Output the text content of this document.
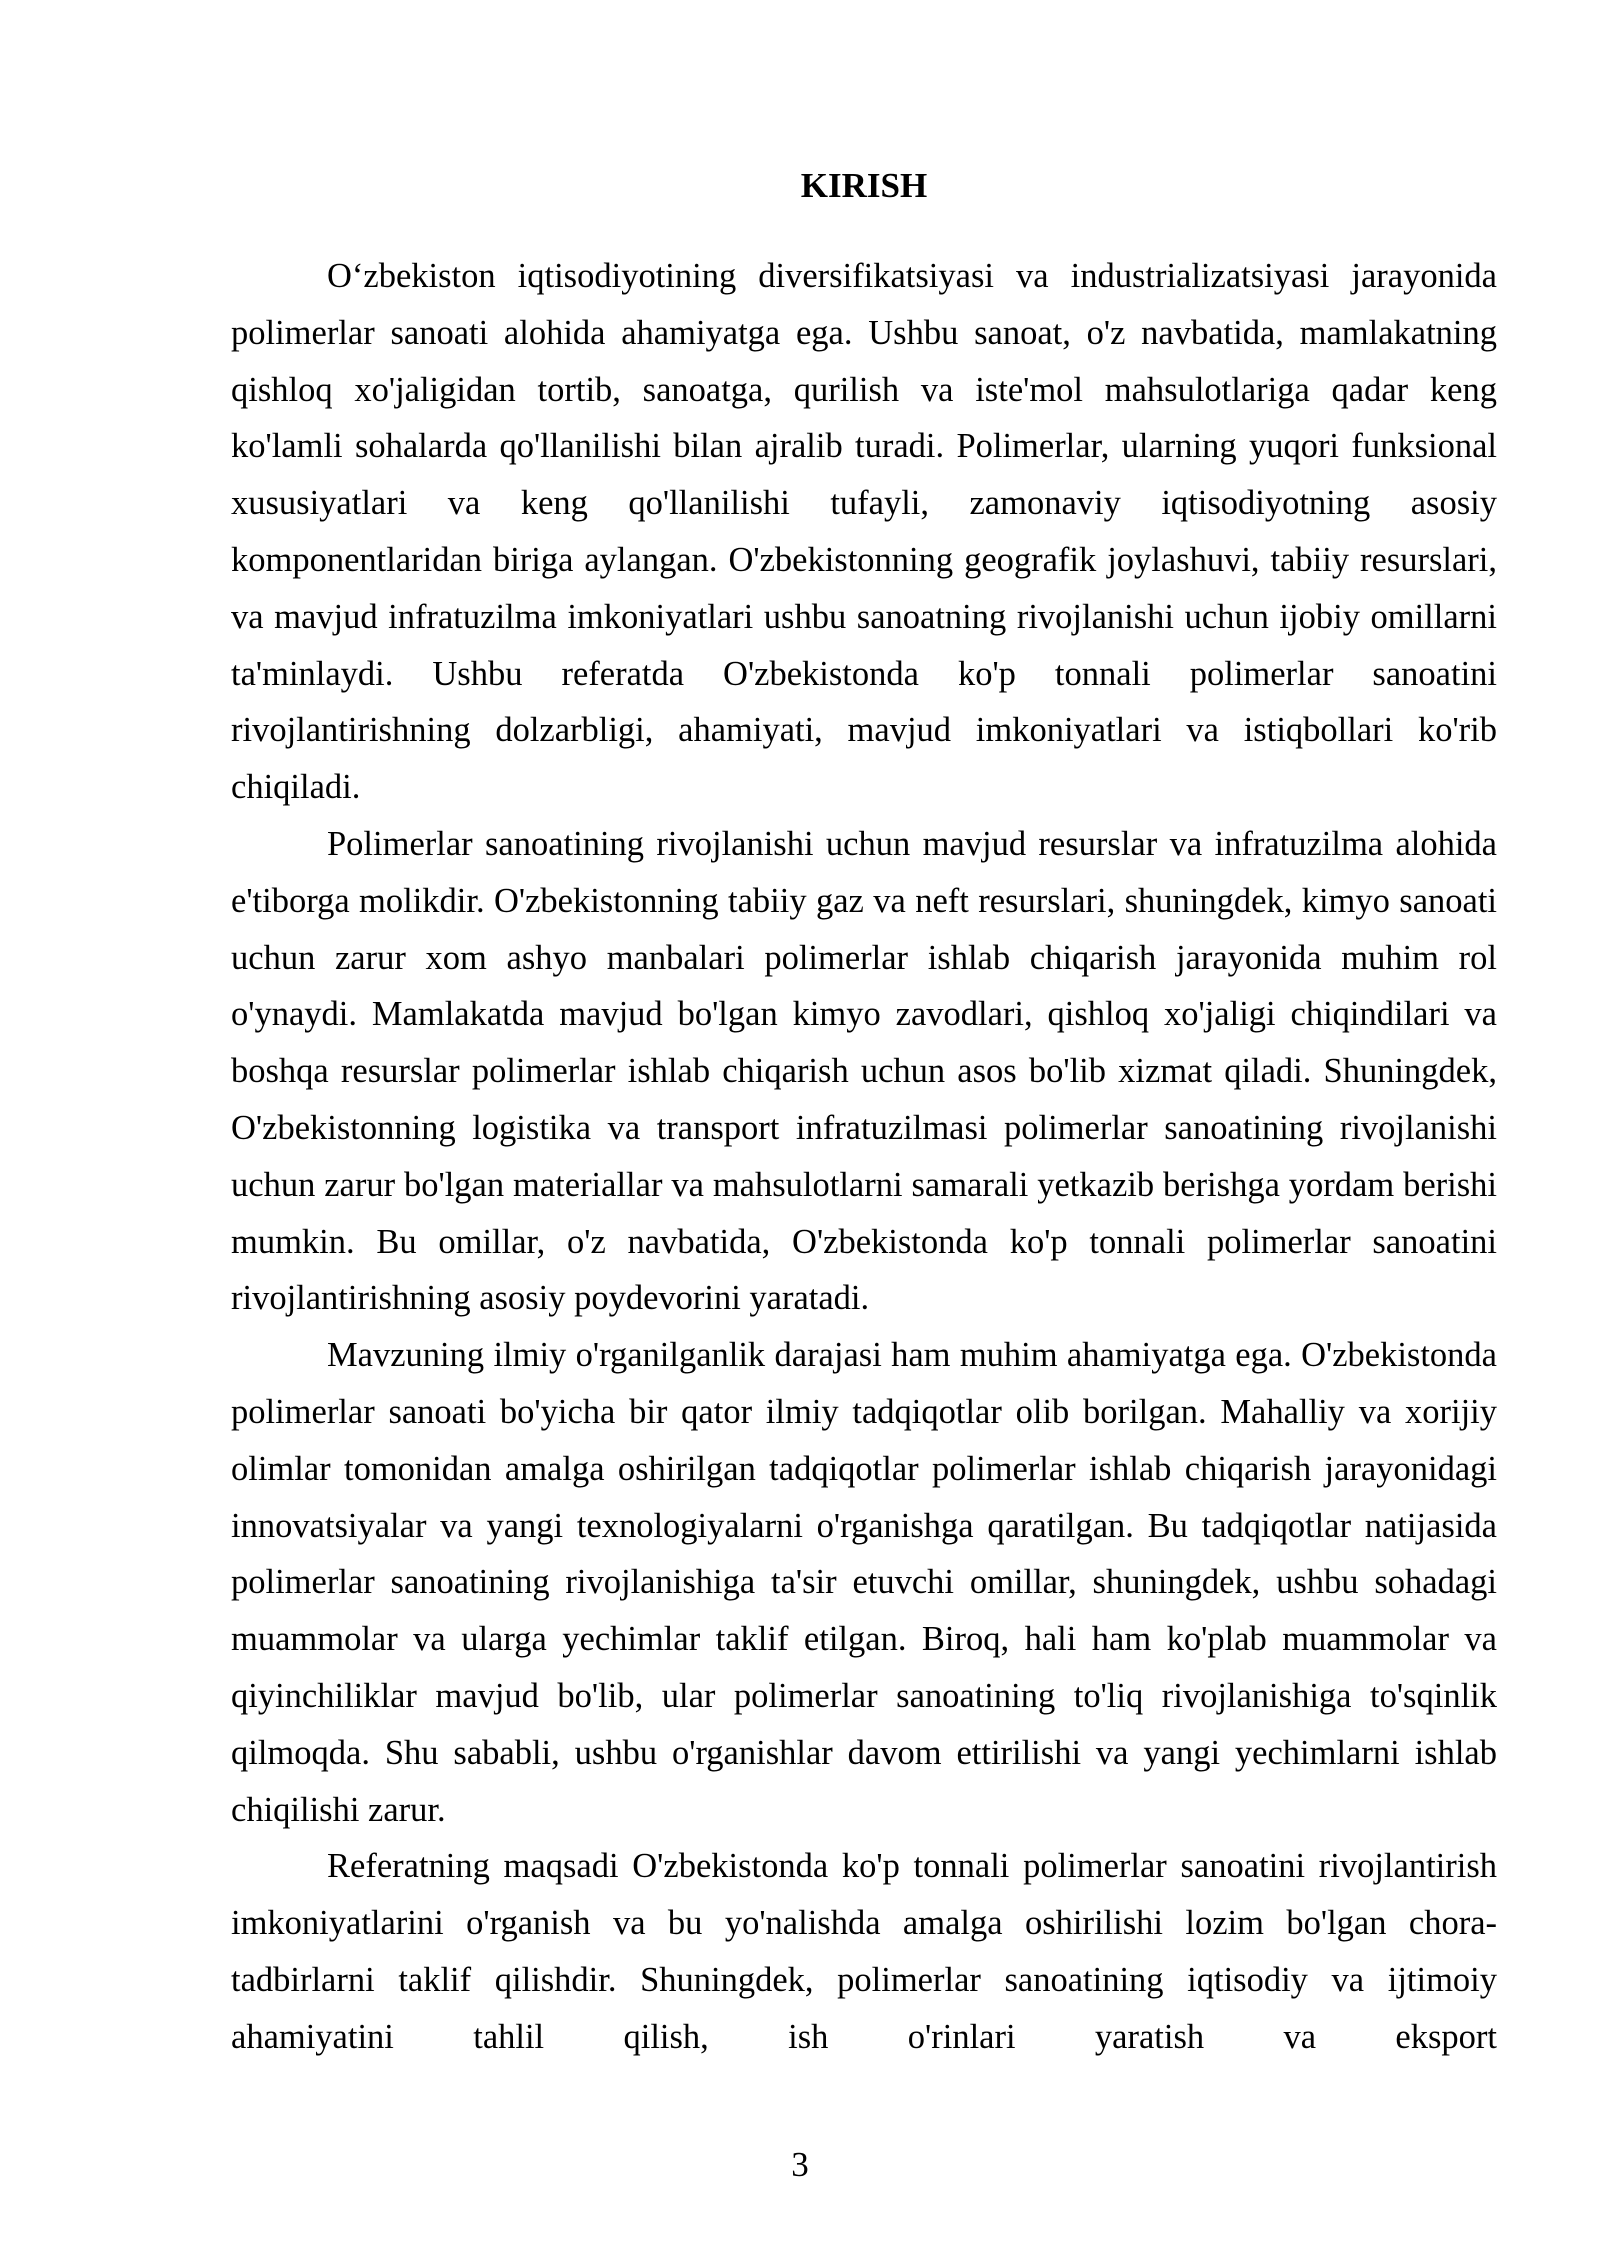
KIRISH

O‘zbekiston iqtisodiyotining diversifikatsiyasi va industrializatsiyasi jarayonida polimerlar sanoati alohida ahamiyatga ega. Ushbu sanoat, o'z navbatida, mamlakatning qishloq xo'jaligidan tortib, sanoatga, qurilish va iste'mol mahsulotlariga qadar keng ko'lamli sohalarda qo'llanilishi bilan ajralib turadi. Polimerlar, ularning yuqori funksional xususiyatlari va keng qo'llanilishi tufayli, zamonaviy iqtisodiyotning asosiy komponentlaridan biriga aylangan. O'zbekistonning geografik joylashuvi, tabiiy resurslari, va mavjud infratuzilma imkoniyatlari ushbu sanoatning rivojlanishi uchun ijobiy omillarni ta'minlaydi. Ushbu referatda O'zbekistonda ko'p tonnali polimerlar sanoatini rivojlantirishning dolzarbligi, ahamiyati, mavjud imkoniyatlari va istiqbollari ko'rib chiqiladi.

Polimerlar sanoatining rivojlanishi uchun mavjud resurslar va infratuzilma alohida e'tiborga molikdir. O'zbekistonning tabiiy gaz va neft resurslari, shuningdek, kimyo sanoati uchun zarur xom ashyo manbalari polimerlar ishlab chiqarish jarayonida muhim rol o'ynaydi. Mamlakatda mavjud bo'lgan kimyo zavodlari, qishloq xo'jaligi chiqindilari va boshqa resurslar polimerlar ishlab chiqarish uchun asos bo'lib xizmat qiladi. Shuningdek, O'zbekistonning logistika va transport infratuzilmasi polimerlar sanoatining rivojlanishi uchun zarur bo'lgan materiallar va mahsulotlarni samarali yetkazib berishga yordam berishi mumkin. Bu omillar, o'z navbatida, O'zbekistonda ko'p tonnali polimerlar sanoatini rivojlantirishning asosiy poydevorini yaratadi.

Mavzuning ilmiy o'rganilganlik darajasi ham muhim ahamiyatga ega. O'zbekistonda polimerlar sanoati bo'yicha bir qator ilmiy tadqiqotlar olib borilgan. Mahalliy va xorijiy olimlar tomonidan amalga oshirilgan tadqiqotlar polimerlar ishlab chiqarish jarayonidagi innovatsiyalar va yangi texnologiyalarni o'rganishga qaratilgan. Bu tadqiqotlar natijasida polimerlar sanoatining rivojlanishiga ta'sir etuvchi omillar, shuningdek, ushbu sohadagi muammolar va ularga yechimlar taklif etilgan. Biroq, hali ham ko'plab muammolar va qiyinchiliklar mavjud bo'lib, ular polimerlar sanoatining to'liq rivojlanishiga to'sqinlik qilmoqda. Shu sababli, ushbu o'rganishlar davom ettirilishi va yangi yechimlarni ishlab chiqilishi zarur.

Referatning maqsadi O'zbekistonda ko'p tonnali polimerlar sanoatini rivojlantirish imkoniyatlarini o'rganish va bu yo'nalishda amalga oshirilishi lozim bo'lgan chora-tadbirlarni taklif qilishdir. Shuningdek, polimerlar sanoatining iqtisodiy va ijtimoiy ahamiyatini tahlil qilish, ish o'rinlari yaratish va eksport

3
